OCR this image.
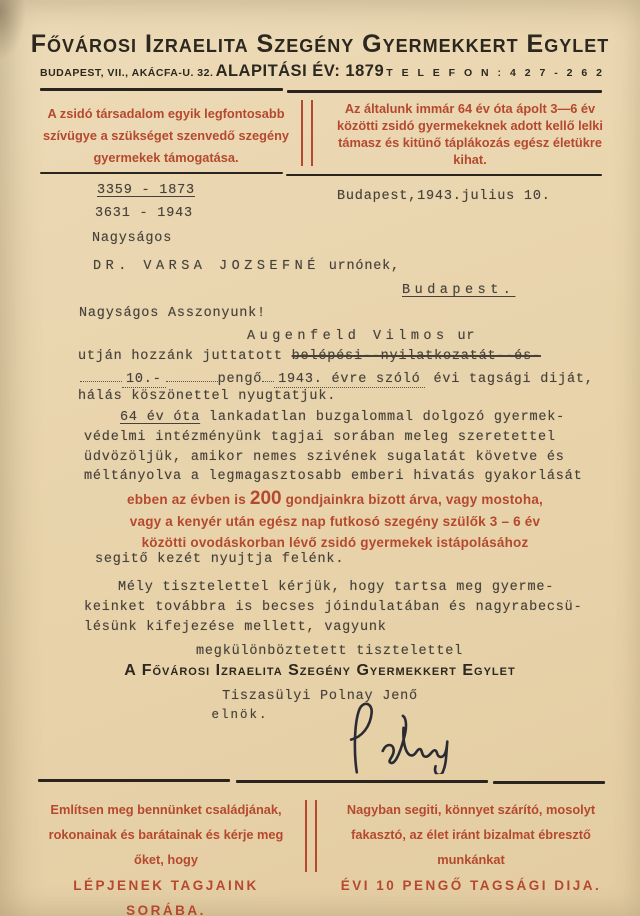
Fővárosi Izraelita Szegény Gyermekkert Egylet
BUDAPEST, VII., AKÁCFA-U. 32. ALAPITÁSI ÉV: 1879 T E L E F O N : 4 2 7 - 2 6 2
A zsidó társadalom egyik legfontosabb szívügye a szükséget szenvedő szegény gyermekek támogatása.
Az általunk immár 64 év óta ápolt 3—6 év közötti zsidó gyermekeknek adott kellő lelki támasz és kitünő táplákozás egész életükre kihat.
3359 - 1873
3631 - 1943
Budapest,1943.julius 10.
Nagyságos
DR. VARSA JOZSEFNÉ urnónek,
Budapest.
Nagyságos Asszonyunk!
Augenfeld Vilmos ur
utján hozzánk juttatott belépési--nyilatkozatát--és-
10.-	pengő 1943. évre szóló évi tagsági diját,
hálás köszönettel nyugtatjuk.
64 év óta lankadatlan buzgalommal dolgozó gyermek-
védelmi intézményünk tagjai sorában meleg szeretettel
üdvözöljük, amikor nemes szivének sugalatát követve és
méltányolva a legmagasztosabb emberi hivatás gyakorlását
ebben az évben is 200 gondjainkra bizott árva, vagy mostoha,
vagy a kenyér után egész nap futkosó szegény szülők 3 – 6 év
közötti ovodáskorban lévő zsidó gyermekek istápolásához
segitő kezét nyujtja felénk.
Mély tisztelettel kérjük, hogy tartsa meg gyerme-
keinket továbbra is becses jóindulatában és nagyrabecsü-
lésünk kifejezése mellett, vagyunk
megkülönböztetett tisztelettel
A Fővárosi Izraelita Szegény Gyermekkert Egylet
Tiszasülyi Polnay Jenő
elnök.
Említsen meg bennünket családjának, rokonainak és barátainak és kérje meg őket, hogy
LÉPJENEK TAGJAINK SORÁBA.
Nagyban segiti, könnyet szárító, mosolyt fakasztó, az élet iránt bizalmat ébresztő munkánkat
ÉVI 10 PENGŐ TAGSÁGI DIJA.
